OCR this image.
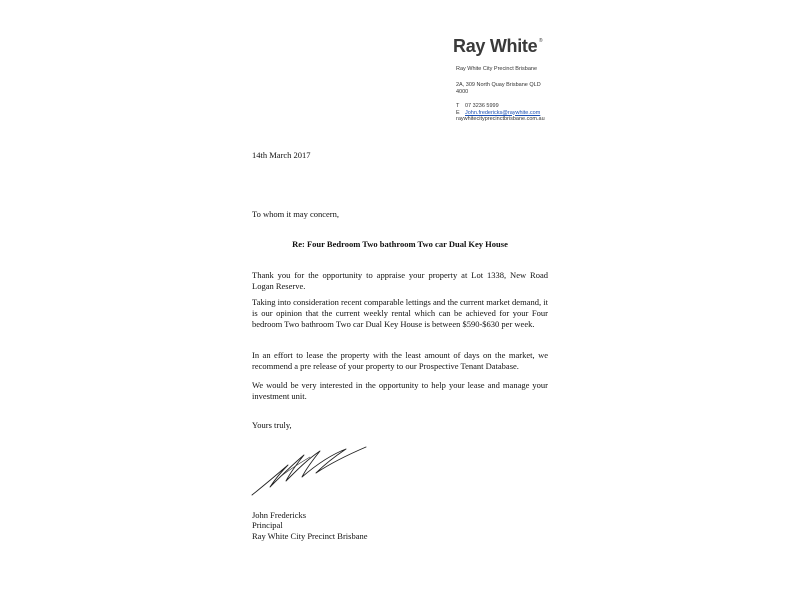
Ray White ®
Ray White City Precinct Brisbane
2A, 309 North Quay Brisbane QLD
4000
T	07 3236 5999
E John.fredericks@raywhite.com
raywhitecityprecinctbrisbane.com.au
14th March 2017
To whom it may concern,
Re: Four Bedroom Two bathroom Two car Dual Key House
Thank you for the opportunity to appraise your property at Lot 1338, New Road Logan Reserve.
Taking into consideration recent comparable lettings and the current market demand, it is our opinion that the current weekly rental which can be achieved for your Four bedroom Two bathroom Two car Dual Key House is between $590-$630 per week.
In an effort to lease the property with the least amount of days on the market, we recommend a pre release of your property to our Prospective Tenant Database.
We would be very interested in the opportunity to help your lease and manage your investment unit.
Yours truly,
John Fredericks
Principal
Ray White City Precinct Brisbane
